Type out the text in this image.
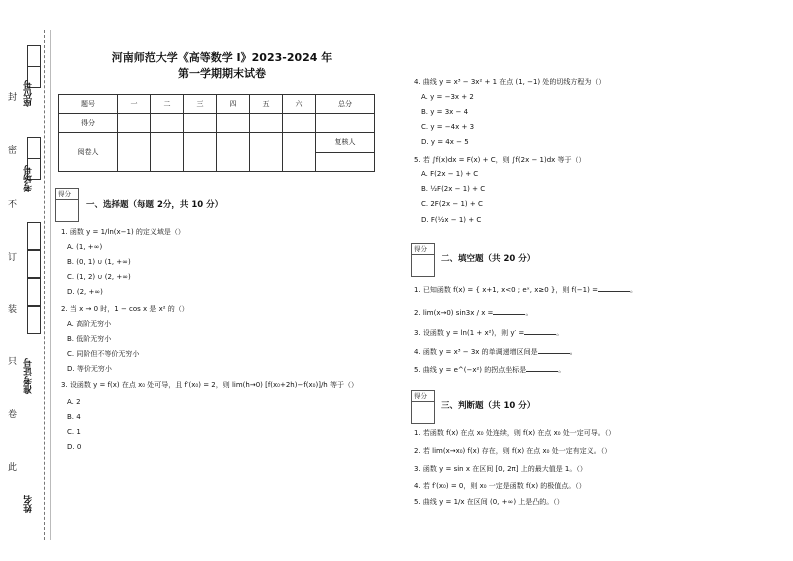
座位号
考场号
准考证号
姓名
封
密
不
订
装
只
卷
此
河南师范大学《高等数学 I》2023-2024 年
第一学期期末试卷
题号	一	二	三	四	五	六	总分
得分							
阅卷人							复核人

得分
一、选择题（每题 2分，共 10 分）
1. 函数 y = 1/ln(x−1) 的定义域是（）
A. (1, +∞)
B. (0, 1) ∪ (1, +∞)
C. (1, 2) ∪ (2, +∞)
D. (2, +∞)
2. 当 x → 0 时，1 − cos x 是 x² 的（）
A. 高阶无穷小
B. 低阶无穷小
C. 同阶但不等价无穷小
D. 等价无穷小
3. 设函数 y = f(x) 在点 x₀ 处可导，且 f′(x₀) = 2，则 lim(h→0) [f(x₀+2h)−f(x₀)]/h 等于（）
A. 2
B. 4
C. 1
D. 0
4. 曲线 y = x³ − 3x² + 1 在点 (1, −1) 处的切线方程为（）
A. y = −3x + 2
B. y = 3x − 4
C. y = −4x + 3
D. y = 4x − 5
5. 若 ∫f(x)dx = F(x) + C，则 ∫f(2x − 1)dx 等于（）
A. F(2x − 1) + C
B. ½F(2x − 1) + C
C. 2F(2x − 1) + C
D. F(½x − 1) + C
得分
二、填空题（共 20 分）
1. 已知函数 f(x) = { x+1, x<0 ; eˣ, x≥0 }，则 f(−1) =	。
2. lim(x→0) sin3x / x =	。
3. 设函数 y = ln(1 + x²)，则 y′ =	。
4. 函数 y = x³ − 3x 的单调递增区间是	。
5. 曲线 y = e^(−x²) 的拐点坐标是	。
得分
三、判断题（共 10 分）
1. 若函数 f(x) 在点 x₀ 处连续，则 f(x) 在点 x₀ 处一定可导。（）
2. 若 lim(x→x₀) f(x) 存在，则 f(x) 在点 x₀ 处一定有定义。（）
3. 函数 y = sin x 在区间 [0, 2π] 上的最大值是 1。（）
4. 若 f′(x₀) = 0，则 x₀ 一定是函数 f(x) 的极值点。（）
5. 曲线 y = 1/x 在区间 (0, +∞) 上是凸的。（）
